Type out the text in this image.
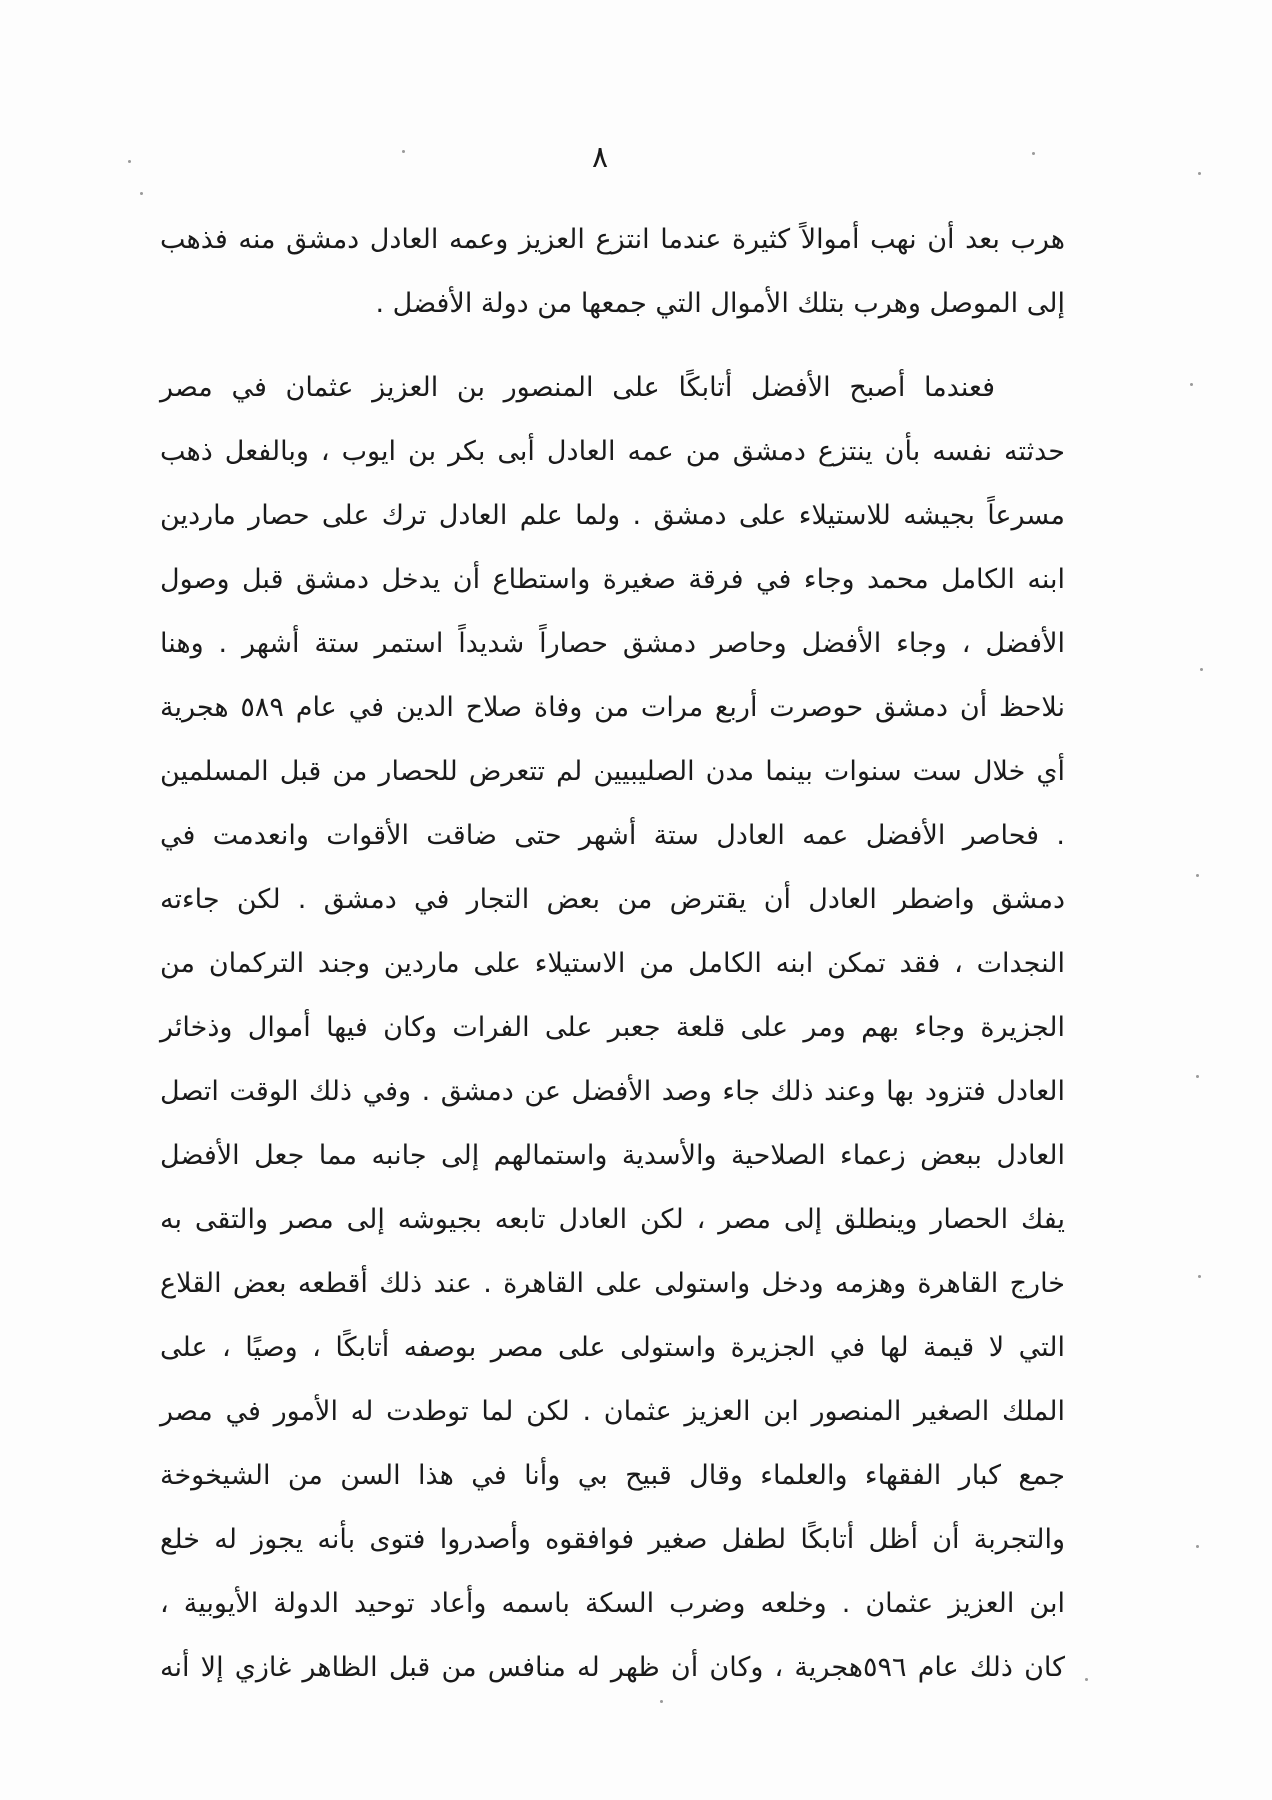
٨
هرب بعد أن نهب أموالاً كثيرة عندما انتزع العزيز وعمه العادل دمشق منه فذهب
إلى الموصل وهرب بتلك الأموال التي جمعها من دولة الأفضل .
فعندما أصبح الأفضل أتابكًا على المنصور بن العزيز عثمان في مصر
حدثته نفسه بأن ينتزع دمشق من عمه العادل أبى بكر بن ايوب ، وبالفعل ذهب
مسرعاً بجيشه للاستيلاء على دمشق . ولما علم العادل ترك على حصار ماردين
ابنه الكامل محمد وجاء في فرقة صغيرة واستطاع أن يدخل دمشق قبل وصول
الأفضل ، وجاء الأفضل وحاصر دمشق حصاراً شديداً استمر ستة أشهر . وهنا
نلاحظ أن دمشق حوصرت أربع مرات من وفاة صلاح الدين في عام ٥٨٩ هجرية
أي خلال ست سنوات بينما مدن الصليبيين لم تتعرض للحصار من قبل المسلمين
. فحاصر الأفضل عمه العادل ستة أشهر حتى ضاقت الأقوات وانعدمت في
دمشق واضطر العادل أن يقترض من بعض التجار في دمشق . لكن جاءته
النجدات ، فقد تمكن ابنه الكامل من الاستيلاء على ماردين وجند التركمان من
الجزيرة وجاء بهم ومر على قلعة جعبر على الفرات وكان فيها أموال وذخائر
العادل فتزود بها وعند ذلك جاء وصد الأفضل عن دمشق . وفي ذلك الوقت اتصل
العادل ببعض زعماء الصلاحية والأسدية واستمالهم إلى جانبه مما جعل الأفضل
يفك الحصار وينطلق إلى مصر ، لكن العادل تابعه بجيوشه إلى مصر والتقى به
خارج القاهرة وهزمه ودخل واستولى على القاهرة . عند ذلك أقطعه بعض القلاع
التي لا قيمة لها في الجزيرة واستولى على مصر بوصفه أتابكًا ، وصيًا ، على
الملك الصغير المنصور ابن العزيز عثمان . لكن لما توطدت له الأمور في مصر
جمع كبار الفقهاء والعلماء وقال قبيح بي وأنا في هذا السن من الشيخوخة
والتجربة أن أظل أتابكًا لطفل صغير فوافقوه وأصدروا فتوى بأنه يجوز له خلع
ابن العزيز عثمان . وخلعه وضرب السكة باسمه وأعاد توحيد الدولة الأيوبية ،
كان ذلك عام ٥٩٦هجرية ، وكان أن ظهر له منافس من قبل الظاهر غازي إلا أنه
